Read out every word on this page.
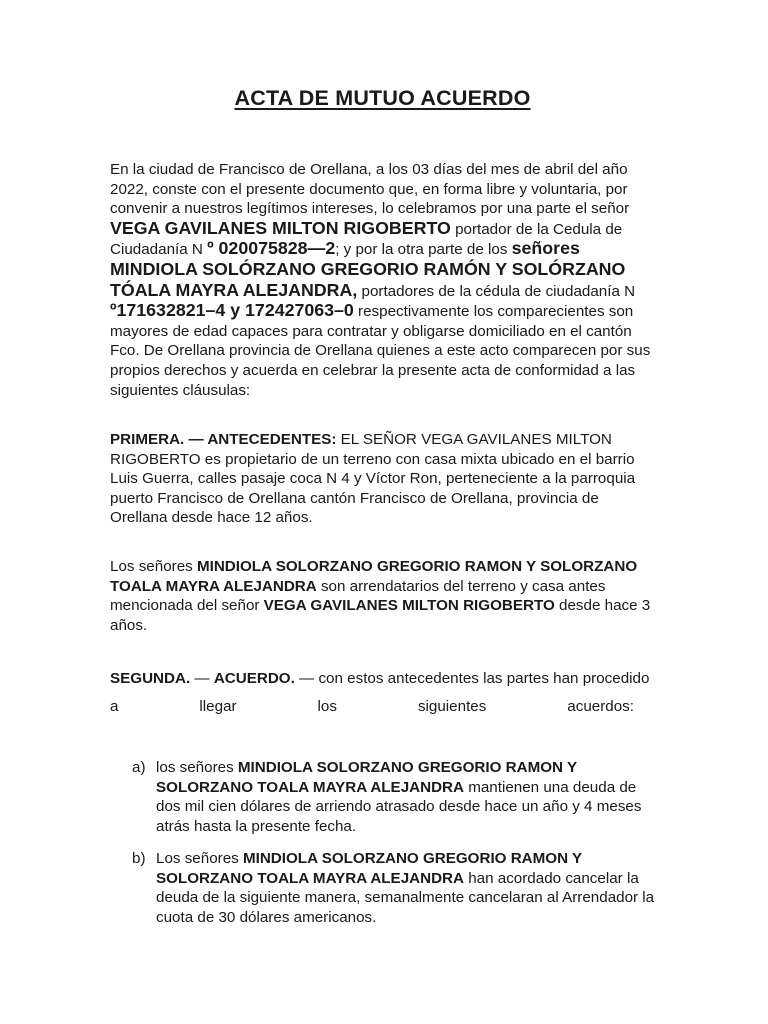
ACTA DE MUTUO ACUERDO

En la ciudad de Francisco de Orellana, a los 03 días del mes de abril del año 2022, conste con el presente documento que, en forma libre y voluntaria, por convenir a nuestros legítimos intereses, lo celebramos por una parte el señor VEGA GAVILANES MILTON RIGOBERTO portador de la Cedula de Ciudadanía N º 020075828—2; y por la otra parte de los señores
MINDIOLA SOLÓRZANO GREGORIO RAMÓN Y SOLÓRZANO TÓALA MAYRA ALEJANDRA, portadores de la cédula de ciudadanía N º171632821–4 y 172427063–0 respectivamente los comparecientes son mayores de edad capaces para contratar y obligarse domiciliado en el cantón Fco. De Orellana provincia de Orellana quienes a este acto comparecen por sus propios derechos y acuerda en celebrar la presente acta de conformidad a las siguientes cláusulas:

PRIMERA. — ANTECEDENTES: EL SEÑOR VEGA GAVILANES MILTON RIGOBERTO es propietario de un terreno con casa mixta ubicado en el barrio Luis Guerra, calles pasaje coca N 4 y Víctor Ron, perteneciente a la parroquia puerto Francisco de Orellana cantón Francisco de Orellana, provincia de Orellana desde hace 12 años.

Los señores MINDIOLA SOLORZANO GREGORIO RAMON Y SOLORZANO TOALA MAYRA ALEJANDRA son arrendatarios del terreno y casa antes mencionada del señor VEGA GAVILANES MILTON RIGOBERTO desde hace 3 años.

SEGUNDA. — ACUERDO. — con estos antecedentes las partes han procedido

a	llegar	los	siguientes	acuerdos:
a) los señores MINDIOLA SOLORZANO GREGORIO RAMON Y SOLORZANO TOALA MAYRA ALEJANDRA mantienen una deuda de dos mil cien dólares de arriendo atrasado desde hace un año y 4 meses atrás hasta la presente fecha.
b) Los señores MINDIOLA SOLORZANO GREGORIO RAMON Y SOLORZANO TOALA MAYRA ALEJANDRA han acordado cancelar la deuda de la siguiente manera, semanalmente cancelaran al Arrendador la cuota de 30 dólares americanos.
